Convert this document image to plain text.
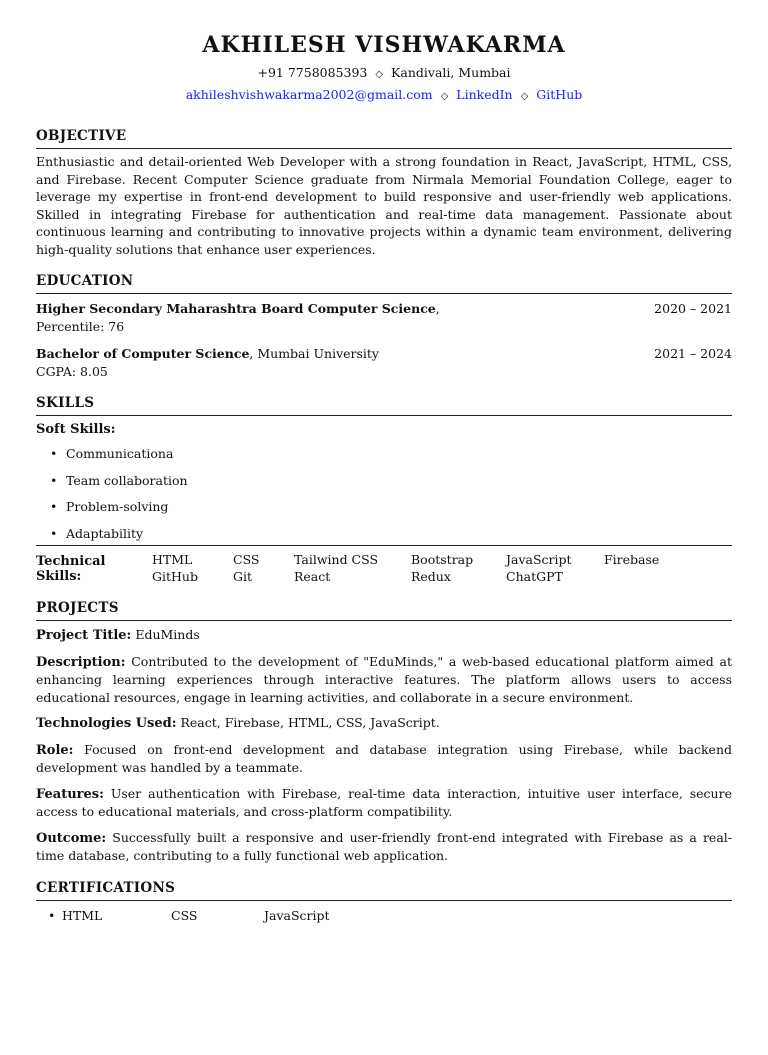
AKHILESH VISHWAKARMA
+91 7758085393 ◇ Kandivali, Mumbai
akhileshvishwakarma2002@gmail.com ◇ LinkedIn ◇ GitHub
OBJECTIVE

Enthusiastic and detail-oriented Web Developer with a strong foundation in React, JavaScript, HTML, CSS, and Firebase. Recent Computer Science graduate from Nirmala Memorial Foundation College, eager to leverage my expertise in front-end development to build responsive and user-friendly web applications. Skilled in integrating Firebase for authentication and real-time data management. Passionate about continuous learning and contributing to innovative projects within a dynamic team environment, delivering high-quality solutions that enhance user experiences.

EDUCATION
Higher Secondary Maharashtra Board Computer Science,	2020 – 2021
Percentile: 76
Bachelor of Computer Science, Mumbai University	2021 – 2024
CGPA: 8.05
SKILLS
Soft Skills:
• Communicationa
• Team collaboration
• Problem-solving
• Adaptability
Technical Skills:
HTML	CSS	Tailwind CSS	Bootstrap	JavaScript	Firebase
GitHub	Git	React	Redux	ChatGPT
PROJECTS
Project Title: EduMinds
Description: Contributed to the development of "EduMinds," a web-based educational platform aimed at enhancing learning experiences through interactive features. The platform allows users to access educational resources, engage in learning activities, and collaborate in a secure environment.
Technologies Used: React, Firebase, HTML, CSS, JavaScript.
Role: Focused on front-end development and database integration using Firebase, while backend development was handled by a teammate.
Features: User authentication with Firebase, real-time data interaction, intuitive user interface, secure access to educational materials, and cross-platform compatibility.
Outcome: Successfully built a responsive and user-friendly front-end integrated with Firebase as a real-time database, contributing to a fully functional web application.
CERTIFICATIONS
• HTML	CSS	JavaScript
